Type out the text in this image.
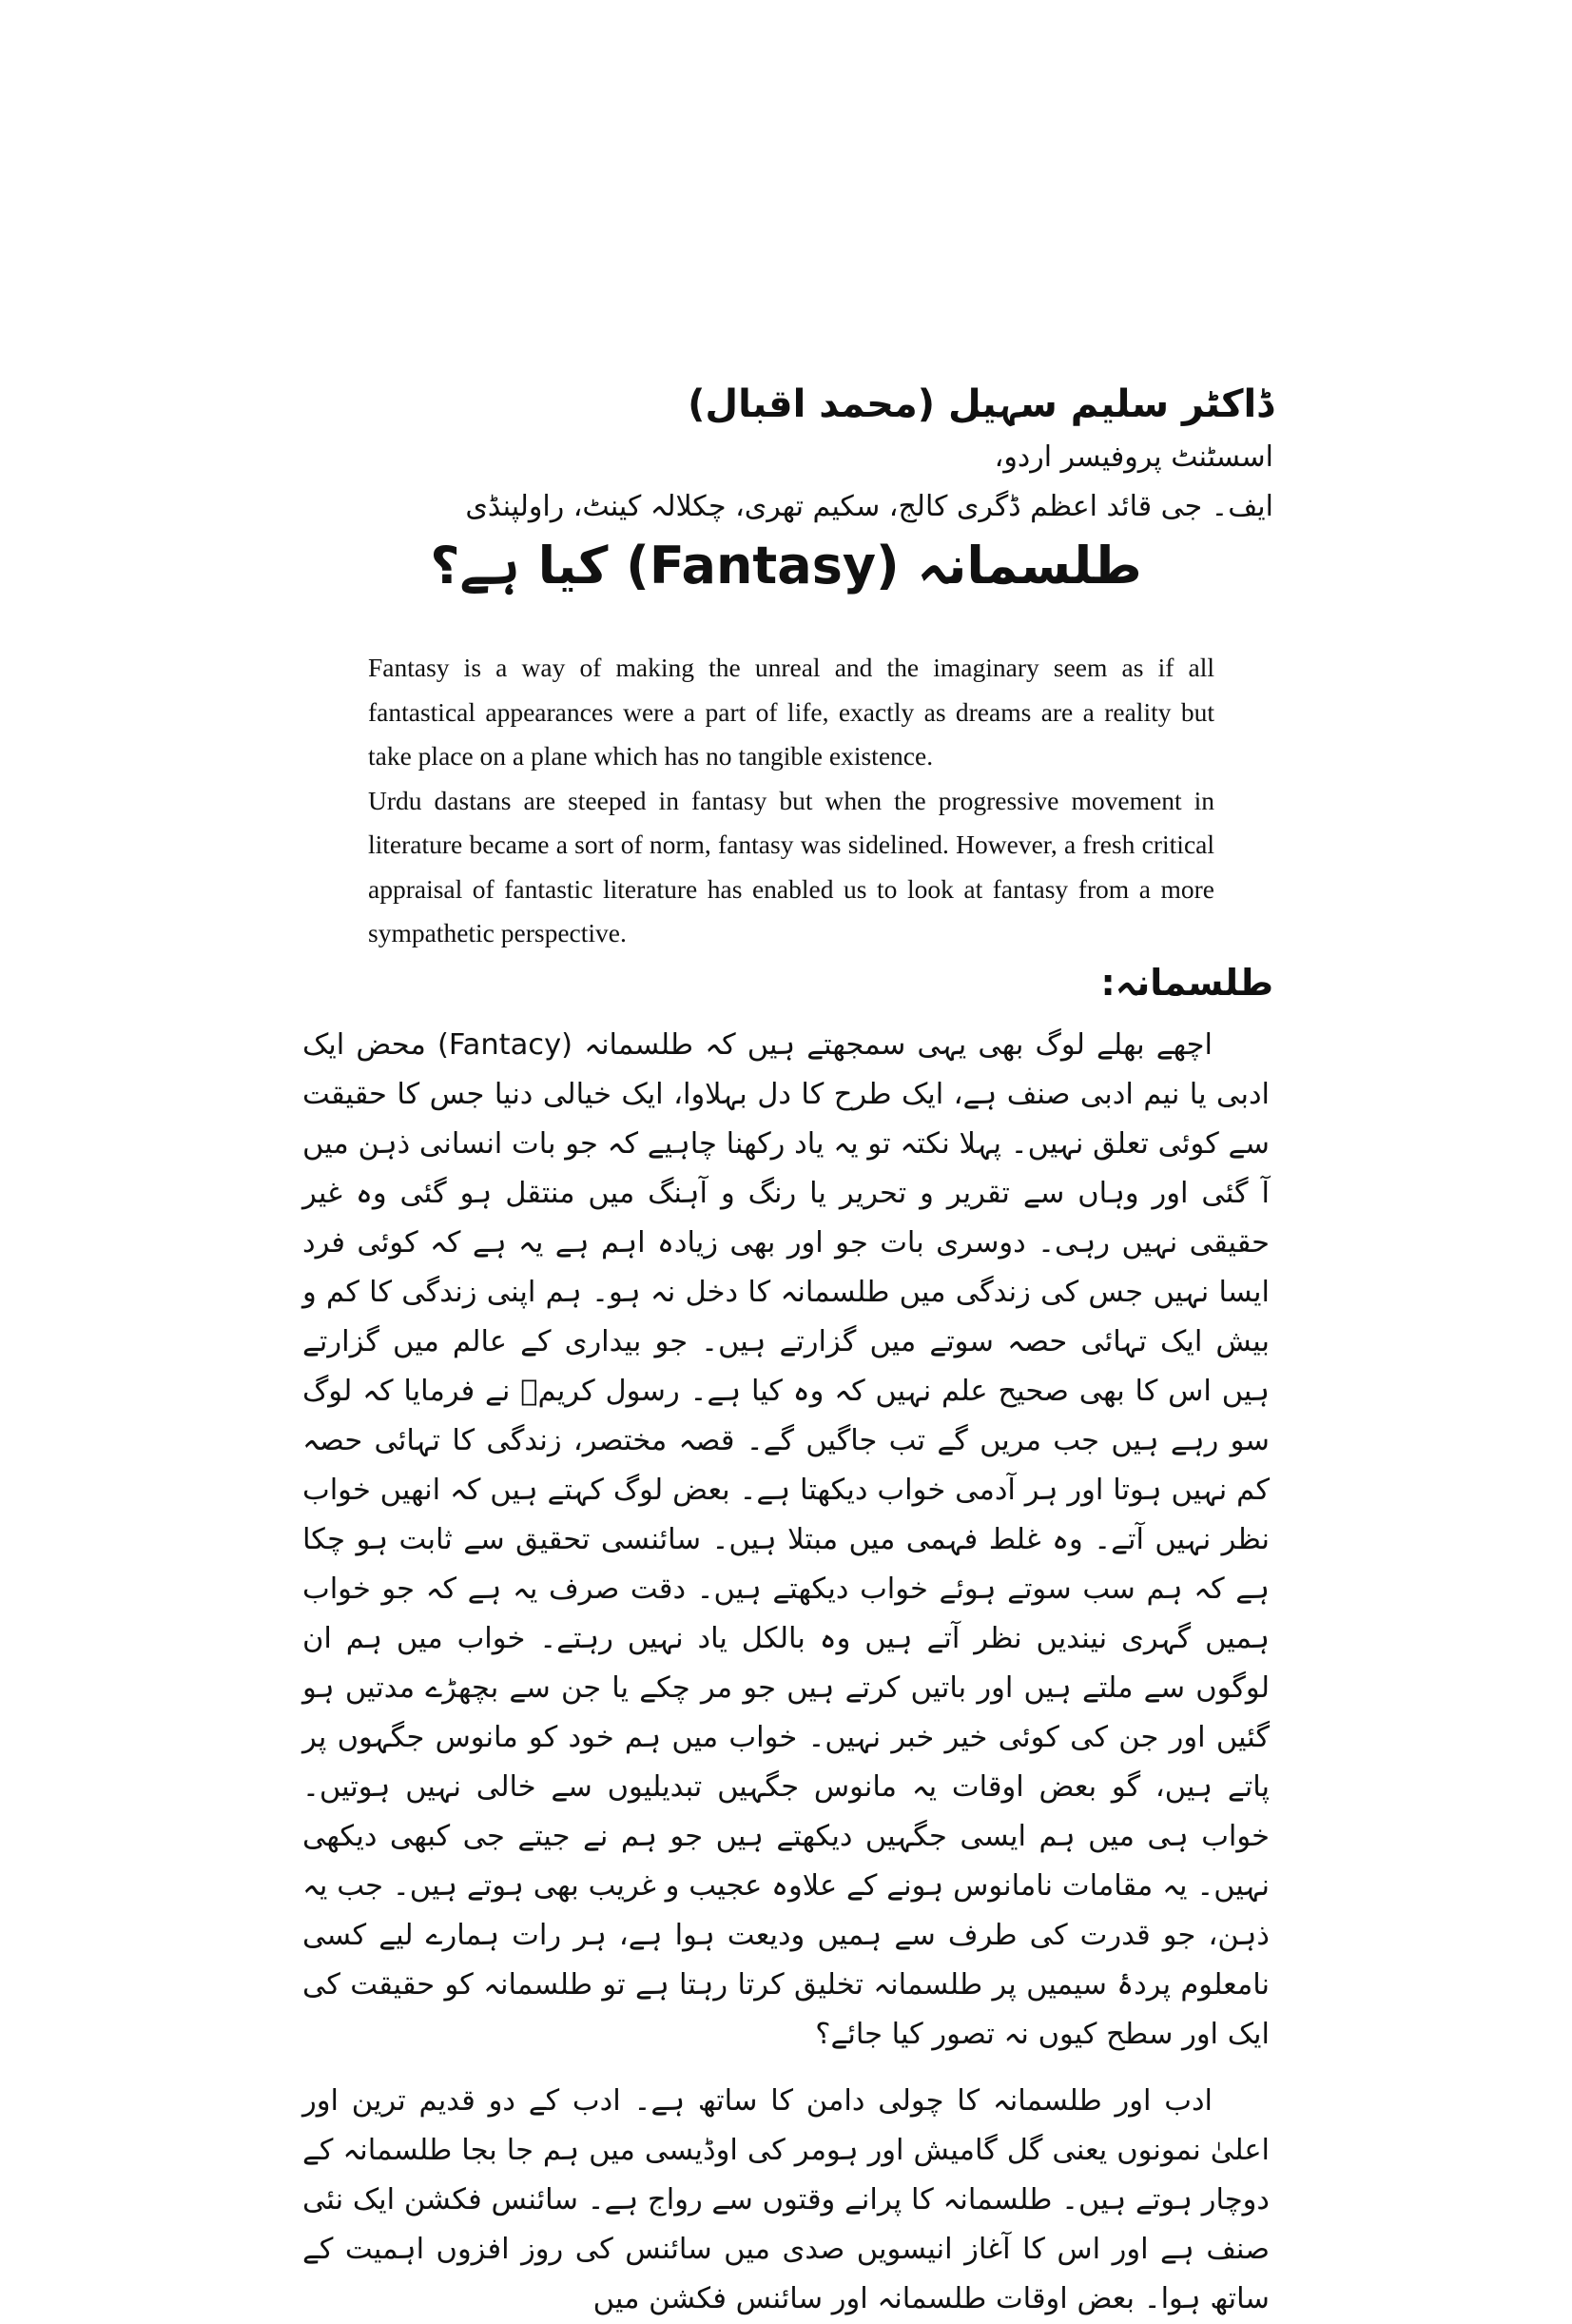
ڈاکٹر سلیم سہیل (محمد اقبال)

اسسٹنٹ پروفیسر اردو،

ایف۔ جی قائد اعظم ڈگری کالج، سکیم تھری، چکلالہ کینٹ، راولپنڈی

طلسمانہ (Fantasy) کیا ہے؟

Fantasy is a way of making the unreal and the imaginary seem as if all fantastical appearances were a part of life, exactly as dreams are a reality but take place on a plane which has no tangible existence.

Urdu dastans are steeped in fantasy but when the progressive movement in literature became a sort of norm, fantasy was sidelined. However, a fresh critical appraisal of fantastic literature has enabled us to look at fantasy from a more sympathetic perspective.

طلسمانہ:

اچھے بھلے لوگ بھی یہی سمجھتے ہیں کہ طلسمانہ (Fantacy) محض ایک ادبی یا نیم ادبی صنف ہے، ایک طرح کا دل بہلاوا، ایک خیالی دنیا جس کا حقیقت سے کوئی تعلق نہیں۔ پہلا نکتہ تو یہ یاد رکھنا چاہیے کہ جو بات انسانی ذہن میں آ گئی اور وہاں سے تقریر و تحریر یا رنگ و آہنگ میں منتقل ہو گئی وہ غیر حقیقی نہیں رہی۔ دوسری بات جو اور بھی زیادہ اہم ہے یہ ہے کہ کوئی فرد ایسا نہیں جس کی زندگی میں طلسمانہ کا دخل نہ ہو۔ ہم اپنی زندگی کا کم و بیش ایک تہائی حصہ سوتے میں گزارتے ہیں۔ جو بیداری کے عالم میں گزارتے ہیں اس کا بھی صحیح علم نہیں کہ وہ کیا ہے۔ رسول کریمؐ نے فرمایا کہ لوگ سو رہے ہیں جب مریں گے تب جاگیں گے۔ قصہ مختصر، زندگی کا تہائی حصہ کم نہیں ہوتا اور ہر آدمی خواب دیکھتا ہے۔ بعض لوگ کہتے ہیں کہ انھیں خواب نظر نہیں آتے۔ وہ غلط فہمی میں مبتلا ہیں۔ سائنسی تحقیق سے ثابت ہو چکا ہے کہ ہم سب سوتے ہوئے خواب دیکھتے ہیں۔ دقت صرف یہ ہے کہ جو خواب ہمیں گہری نیندیں نظر آتے ہیں وہ بالکل یاد نہیں رہتے۔ خواب میں ہم ان لوگوں سے ملتے ہیں اور باتیں کرتے ہیں جو مر چکے یا جن سے بچھڑے مدتیں ہو گئیں اور جن کی کوئی خیر خبر نہیں۔ خواب میں ہم خود کو مانوس جگہوں پر پاتے ہیں، گو بعض اوقات یہ مانوس جگہیں تبدیلیوں سے خالی نہیں ہوتیں۔ خواب ہی میں ہم ایسی جگہیں دیکھتے ہیں جو ہم نے جیتے جی کبھی دیکھی نہیں۔ یہ مقامات نامانوس ہونے کے علاوہ عجیب و غریب بھی ہوتے ہیں۔ جب یہ ذہن، جو قدرت کی طرف سے ہمیں ودیعت ہوا ہے، ہر رات ہمارے لیے کسی نامعلوم پردۂ سیمیں پر طلسمانہ تخلیق کرتا رہتا ہے تو طلسمانہ کو حقیقت کی ایک اور سطح کیوں نہ تصور کیا جائے؟

ادب اور طلسمانہ کا چولی دامن کا ساتھ ہے۔ ادب کے دو قدیم ترین اور اعلیٰ نمونوں یعنی گل گامیش اور ہومر کی اوڈیسی میں ہم جا بجا طلسمانہ کے دوچار ہوتے ہیں۔ طلسمانہ کا پرانے وقتوں سے رواج ہے۔ سائنس فکشن ایک نئی صنف ہے اور اس کا آغاز انیسویں صدی میں سائنس کی روز افزوں اہمیت کے ساتھ ہوا۔ بعض اوقات طلسمانہ اور سائنس فکشن میں
